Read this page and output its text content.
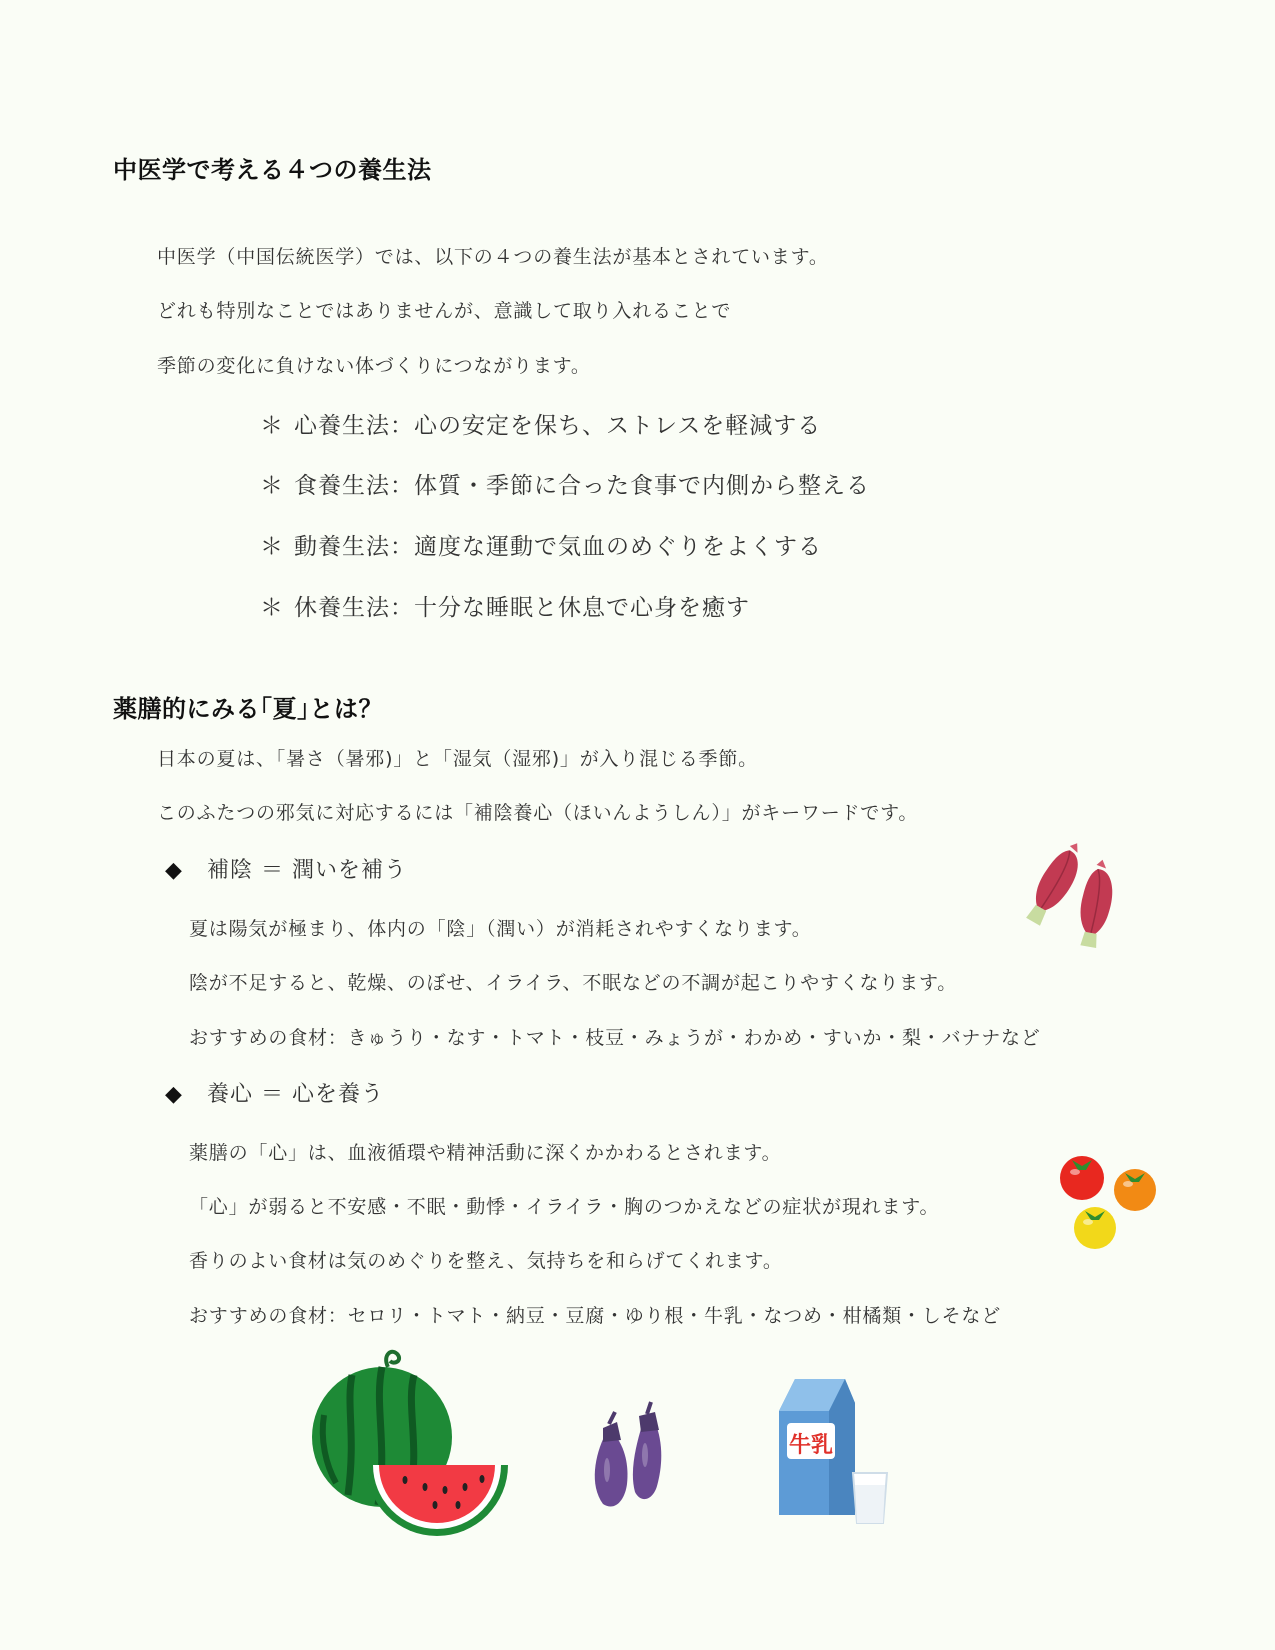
中医学で考える４つの養生法
中医学（中国伝統医学）では、以下の４つの養生法が基本とされています。
どれも特別なことではありませんが、意識して取り入れることで
季節の変化に負けない体づくりにつながります。
＊ 心養生法：心の安定を保ち、ストレスを軽減する
＊ 食養生法：体質・季節に合った食事で内側から整える
＊ 動養生法：適度な運動で気血のめぐりをよくする
＊ 休養生法：十分な睡眠と休息で心身を癒す
薬膳的にみる｢夏｣とは？
日本の夏は、「暑さ（暑邪)」と「湿気（湿邪)」が入り混じる季節。
このふたつの邪気に対応するには「補陰養心（ほいんようしん）」がキーワードです。
◆ 補陰 ＝ 潤いを補う
夏は陽気が極まり、体内の「陰」（潤い）が消耗されやすくなります。
陰が不足すると、乾燥、のぼせ、イライラ、不眠などの不調が起こりやすくなります。
おすすめの食材：きゅうり・なす・トマト・枝豆・みょうが・わかめ・すいか・梨・バナナなど
◆ 養心 ＝ 心を養う
薬膳の「心」は、血液循環や精神活動に深くかかわるとされます。
「心」が弱ると不安感・不眠・動悸・イライラ・胸のつかえなどの症状が現れます。
香りのよい食材は気のめぐりを整え、気持ちを和らげてくれます。
おすすめの食材：セロリ・トマト・納豆・豆腐・ゆり根・牛乳・なつめ・柑橘類・しそなど
牛乳
